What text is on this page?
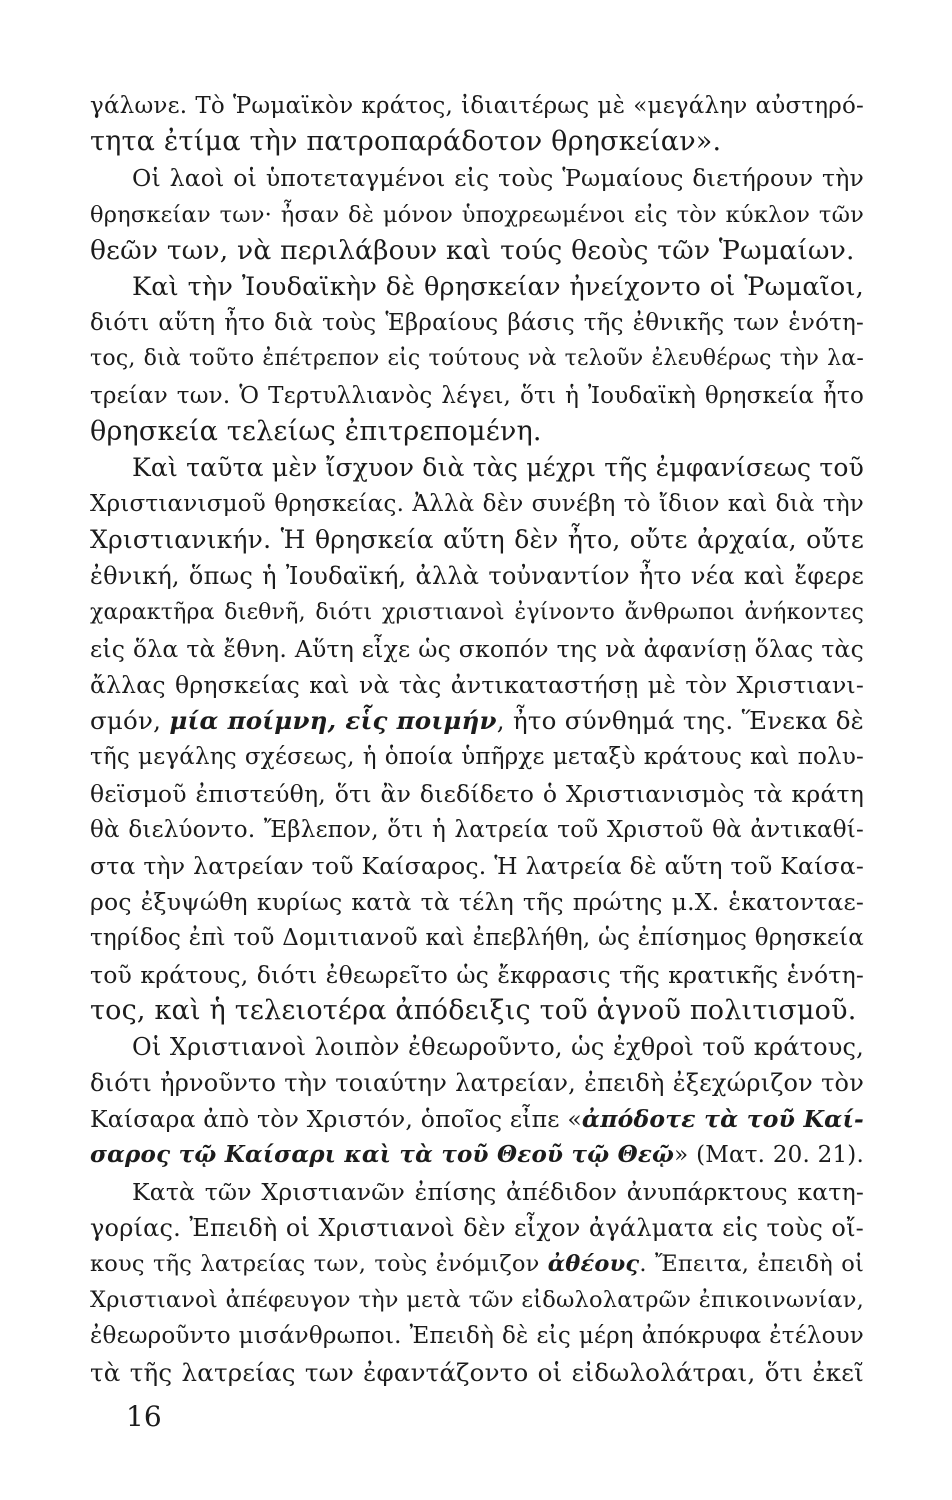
γάλωνε. Τὸ Ῥωμαϊκὸν κράτος, ἰδιαιτέρως μὲ «μεγάλην αὐστηρό-
τητα ἐτίμα τὴν πατροπαράδοτον θρησκείαν».
Οἱ λαοὶ οἱ ὑποτεταγμένοι εἰς τοὺς Ῥωμαίους διετήρουν τὴν
θρησκείαν των· ἦσαν δὲ μόνον ὑποχρεωμένοι εἰς τὸν κύκλον τῶν
θεῶν των, νὰ περιλάβουν καὶ τούς θεοὺς τῶν Ῥωμαίων.
Καὶ τὴν Ἰουδαϊκὴν δὲ θρησκείαν ἠνείχοντο οἱ Ῥωμαῖοι,
διότι αὕτη ἦτο διὰ τοὺς Ἑβραίους βάσις τῆς ἐθνικῆς των ἑνότη-
τος, διὰ τοῦτο ἐπέτρεπον εἰς τούτους νὰ τελοῦν ἐλευθέρως τὴν λα-
τρείαν των. Ὁ Τερτυλλιανὸς λέγει, ὅτι ἡ Ἰουδαϊκὴ θρησκεία ἦτο
θρησκεία τελείως ἐπιτρεπομένη.
Καὶ ταῦτα μὲν ἴσχυον διὰ τὰς μέχρι τῆς ἐμφανίσεως τοῦ
Χριστιανισμοῦ θρησκείας. Ἀλλὰ δὲν συνέβη τὸ ἴδιον καὶ διὰ τὴν
Χριστιανικήν. Ἡ θρησκεία αὕτη δὲν ἦτο, οὔτε ἀρχαία, οὔτε
ἐθνική, ὅπως ἡ Ἰουδαϊκή, ἀλλὰ τοὐναντίον ἦτο νέα καὶ ἔφερε
χαρακτῆρα διεθνῆ, διότι χριστιανοὶ ἐγίνοντο ἄνθρωποι ἀνήκοντες
εἰς ὅλα τὰ ἔθνη. Αὕτη εἶχε ὡς σκοπόν της νὰ ἀφανίσῃ ὅλας τὰς
ἄλλας θρησκείας καὶ νὰ τὰς ἀντικαταστήσῃ μὲ τὸν Χριστιανι-
σμόν, μία ποίμνη, εἷς ποιμήν, ἦτο σύνθημά της. Ἕνεκα δὲ
τῆς μεγάλης σχέσεως, ἡ ὁποία ὑπῆρχε μεταξὺ κράτους καὶ πολυ-
θεϊσμοῦ ἐπιστεύθη, ὅτι ἂν διεδίδετο ὁ Χριστιανισμὸς τὰ κράτη
θὰ διελύοντο. Ἔβλεπον, ὅτι ἡ λατρεία τοῦ Χριστοῦ θὰ ἀντικαθί-
στα τὴν λατρείαν τοῦ Καίσαρος. Ἡ λατρεία δὲ αὕτη τοῦ Καίσα-
ρος ἐξυψώθη κυρίως κατὰ τὰ τέλη τῆς πρώτης μ.Χ. ἑκατονταε-
τηρίδος ἐπὶ τοῦ Δομιτιανοῦ καὶ ἐπεβλήθη, ὡς ἐπίσημος θρησκεία
τοῦ κράτους, διότι ἐθεωρεῖτο ὡς ἔκφρασις τῆς κρατικῆς ἑνότη-
τος, καὶ ἡ τελειοτέρα ἀπόδειξις τοῦ ἁγνοῦ πολιτισμοῦ.
Οἱ Χριστιανοὶ λοιπὸν ἐθεωροῦντο, ὡς ἐχθροὶ τοῦ κράτους,
διότι ἠρνοῦντο τὴν τοιαύτην λατρείαν, ἐπειδὴ ἐξεχώριζον τὸν
Καίσαρα ἀπὸ τὸν Χριστόν, ὁποῖος εἶπε «ἀπόδοτε τὰ τοῦ Καί-
σαρος τῷ Καίσαρι καὶ τὰ τοῦ Θεοῦ τῷ Θεῷ» (Ματ. 20. 21).
Κατὰ τῶν Χριστιανῶν ἐπίσης ἀπέδιδον ἀνυπάρκτους κατη-
γορίας. Ἐπειδὴ οἱ Χριστιανοὶ δὲν εἶχον ἀγάλματα εἰς τοὺς οἴ-
κους τῆς λατρείας των, τοὺς ἐνόμιζον ἀθέους. Ἔπειτα, ἐπειδὴ οἱ
Χριστιανοὶ ἀπέφευγον τὴν μετὰ τῶν εἰδωλολατρῶν ἐπικοινωνίαν,
ἐθεωροῦντο μισάνθρωποι. Ἐπειδὴ δὲ εἰς μέρη ἀπόκρυφα ἐτέλουν
τὰ τῆς λατρείας των ἐφαντάζοντο οἱ εἰδωλολάτραι, ὅτι ἐκεῖ
16
